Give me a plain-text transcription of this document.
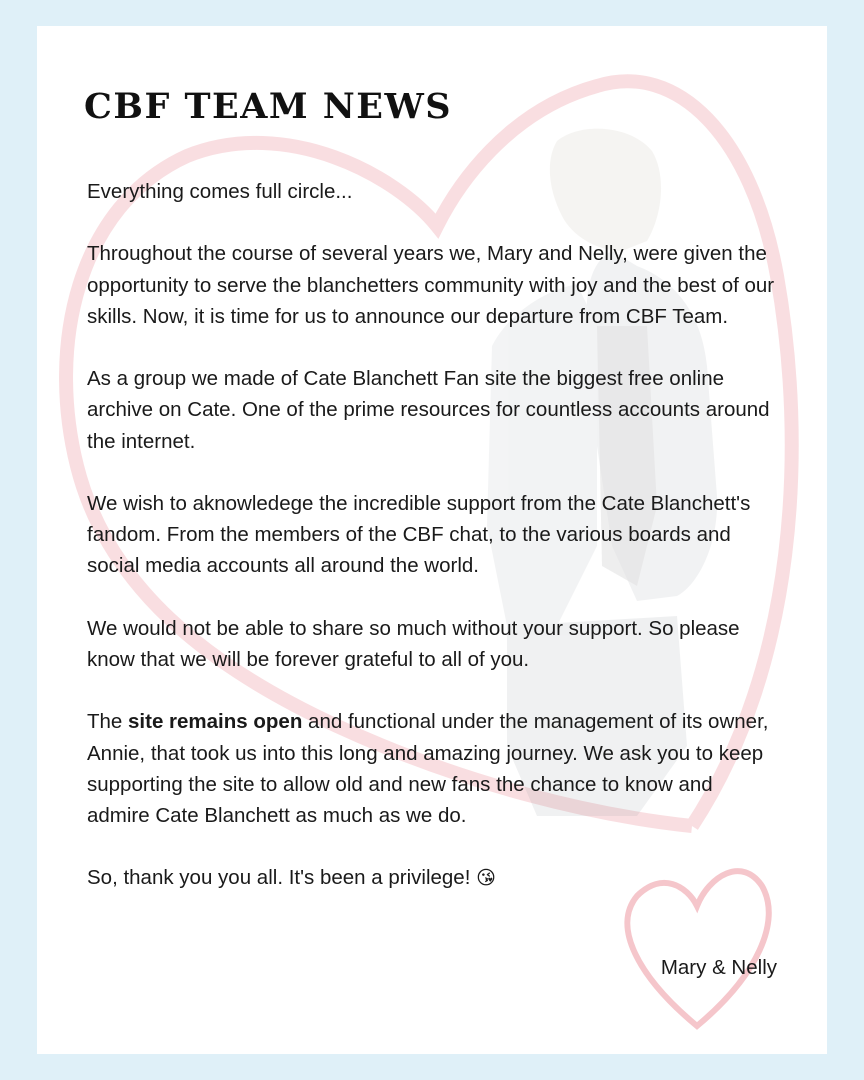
CBF TEAM NEWS

Everything comes full circle...

Throughout the course of several years we, Mary and Nelly, were given the opportunity to serve the blanchetters community with joy and the best of our skills. Now, it is time for us to announce our departure from CBF Team.

As a group we made of Cate Blanchett Fan site the biggest free online archive on Cate. One of the prime resources for countless accounts around the internet.

We wish to aknowledege the incredible support from the Cate Blanchett's fandom. From the members of the CBF chat, to the various boards and social media accounts all around the world.

We would not be able to share so much without your support. So please know that we will be forever grateful to all of you.

The site remains open and functional under the management of its owner, Annie, that took us into this long and amazing journey. We ask you to keep supporting the site to allow old and new fans the chance to know and admire Cate Blanchett as much as we do.

So, thank you you all. It's been a privilege! 😘

Mary & Nelly
